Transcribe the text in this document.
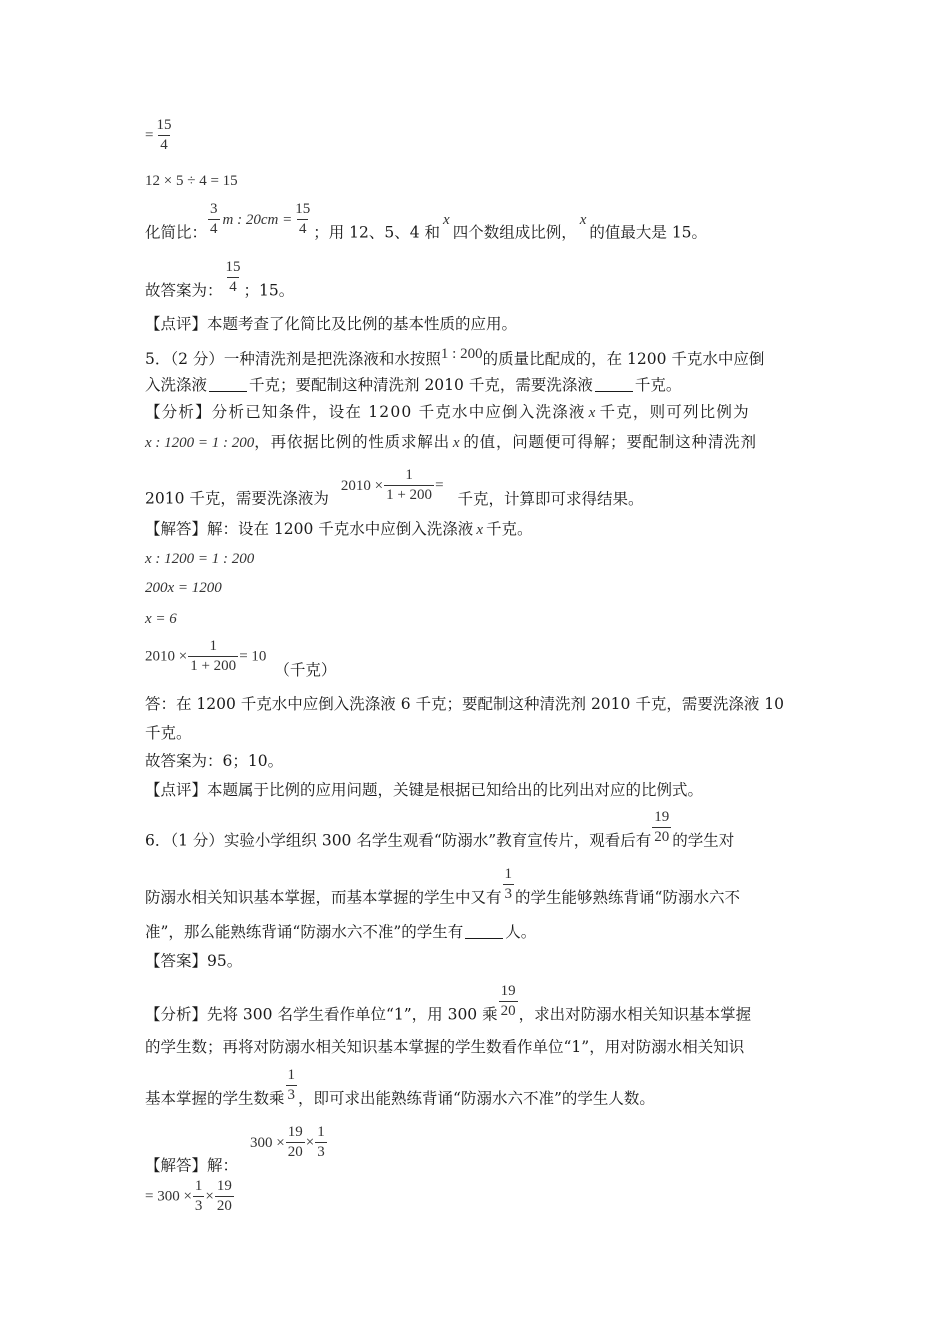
= $\frac{15}{4}$
12 × 5 ÷ 4 = 15
化简比： $\frac{3}{4}$ m : $20cm = \frac{15}{4}$ ；用 12、5、4 和x四个数组成比例，x的值最大是 15。
故答案为： $\frac{15}{4}$ ；15。
【点评】本题考查了化简比及比例的基本性质的应用。
5．（2 分）一种清洗剂是把洗涤液和水按照1 : 200的质量比配成的，在 1200 千克水中应倒
入洗涤液	千克；要配制这种清洗剂 2010 千克，需要洗涤液	千克。
【分析】分析已知条件，设在 1200 千克水中应倒入洗涤液 x 千克，则可列比例为
x : 1200 = 1 : 200，再依据比例的性质求解出 x 的值，问题便可得解；要配制这种清洗剂
2010 千克，需要洗涤液为$2010 \times \frac{1}{1 + 200}$ =千克，计算即可求得结果。
【解答】解：设在 1200 千克水中应倒入洗涤液 x 千克。
x : 1200 = 1 : 200
200x = 1200
x = 6
$2010 \times \frac{1}{1 + 200} = 10$（千克）
答：在 1200 千克水中应倒入洗涤液 6 千克；要配制这种清洗剂 2010 千克，需要洗涤液 10
千克。
故答案为：6；10。
【点评】本题属于比例的应用问题，关键是根据已知给出的比列出对应的比例式。
6．（1 分）实验小学组织 300 名学生观看“防溺水”教育宣传片，观看后有 $\frac{19}{20}$ 的学生对
防溺水相关知识基本掌握，而基本掌握的学生中又有 $\frac{1}{3}$ 的学生能够熟练背诵“防溺水六不
准”，那么能熟练背诵“防溺水六不准”的学生有	人。
【答案】95。
【分析】先将 300 名学生看作单位“1”，用 300 乘 $\frac{19}{20}$ ，求出对防溺水相关知识基本掌握
的学生数；再将对防溺水相关知识基本掌握的学生数看作单位“1”，用对防溺水相关知识
基本掌握的学生数乘 $\frac{1}{3}$ ，即可求出能熟练背诵“防溺水六不准”的学生人数。
【解答】解：$300 \times \frac{19}{20} \times \frac{1}{3}$
= $300 \times \frac{1}{3} \times \frac{19}{20}$
